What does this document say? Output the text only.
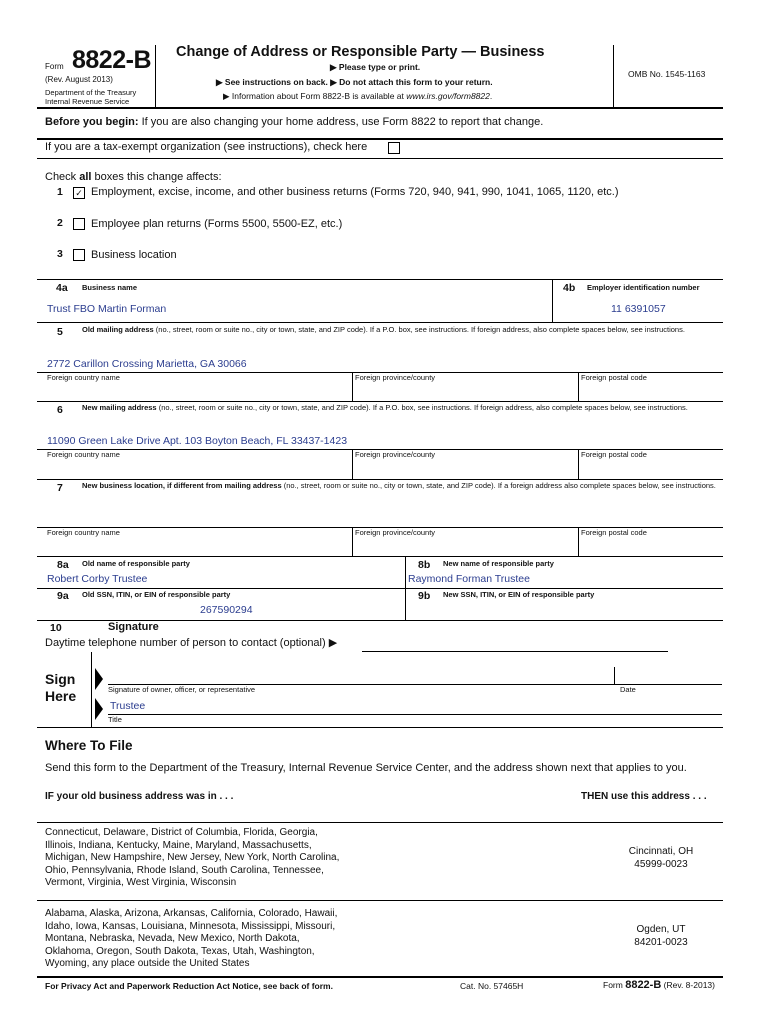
Form 8822-B
(Rev. August 2013)
Department of the Treasury
Internal Revenue Service
Change of Address or Responsible Party — Business
▶ Please type or print.
▶ See instructions on back. ▶ Do not attach this form to your return.
▶ Information about Form 8822-B is available at www.irs.gov/form8822.
OMB No. 1545-1163
Before you begin: If you are also changing your home address, use Form 8822 to report that change.
If you are a tax-exempt organization (see instructions), check here
Check all boxes this change affects:
1 ✓ Employment, excise, income, and other business returns (Forms 720, 940, 941, 990, 1041, 1065, 1120, etc.)
2	Employee plan returns (Forms 5500, 5500-EZ, etc.)
3	Business location
4a Business name
Trust FBO Martin Forman
4b Employer identification number
11 6391057
5	Old mailing address (no., street, room or suite no., city or town, state, and ZIP code). If a P.O. box, see instructions. If foreign address, also complete spaces below, see instructions.
2772 Carillon Crossing Marietta, GA 30066
Foreign country name	Foreign province/county	Foreign postal code
6	New mailing address (no., street, room or suite no., city or town, state, and ZIP code). If a P.O. box, see instructions. If foreign address, also complete spaces below, see instructions.
11090 Green Lake Drive Apt. 103 Boyton Beach, FL 33437-1423
Foreign country name	Foreign province/county	Foreign postal code
7	New business location, if different from mailing address (no., street, room or suite no., city or town, state, and ZIP code). If a foreign address also complete spaces below, see instructions.
Foreign country name	Foreign province/county	Foreign postal code
8a Old name of responsible party
Robert Corby Trustee
8b New name of responsible party
Raymond Forman Trustee
9a Old SSN, ITIN, or EIN of responsible party
267590294
9b New SSN, ITIN, or EIN of responsible party
10	Signature
Daytime telephone number of person to contact (optional) ▶
Sign
Here	Signature of owner, officer, or representative	Date
Trustee
Title
Where To File
Send this form to the Department of the Treasury, Internal Revenue Service Center, and the address shown next that applies to you.
IF your old business address was in . . .	THEN use this address . . .
Connecticut, Delaware, District of Columbia, Florida, Georgia,
Illinois, Indiana, Kentucky, Maine, Maryland, Massachusetts,
Michigan, New Hampshire, New Jersey, New York, North Carolina,
Ohio, Pennsylvania, Rhode Island, South Carolina, Tennessee,
Vermont, Virginia, West Virginia, Wisconsin
Cincinnati, OH
45999-0023
Alabama, Alaska, Arizona, Arkansas, California, Colorado, Hawaii,
Idaho, Iowa, Kansas, Louisiana, Minnesota, Mississippi, Missouri,
Montana, Nebraska, Nevada, New Mexico, North Dakota,
Oklahoma, Oregon, South Dakota, Texas, Utah, Washington,
Wyoming, any place outside the United States
Ogden, UT
84201-0023
For Privacy Act and Paperwork Reduction Act Notice, see back of form.	Cat. No. 57465H	Form 8822-B (Rev. 8-2013)
